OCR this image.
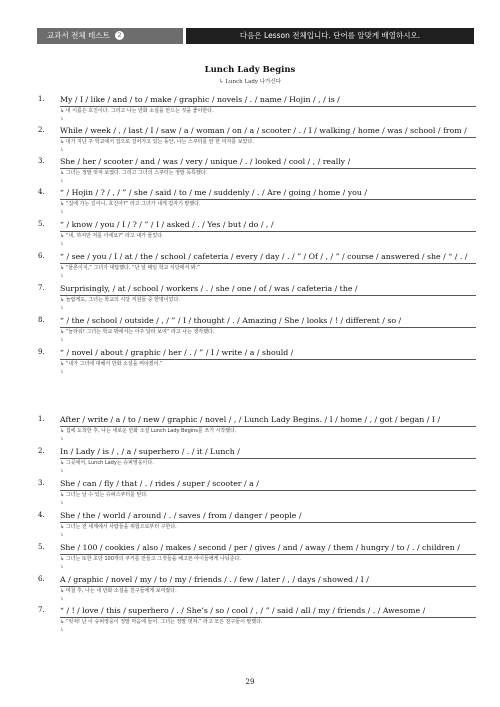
교과서 전체 테스트 2	다음은 Lesson 전체입니다. 단어를 알맞게 배열하시오.
Lunch Lady Begins
↳ Lunch Lady 나가신다
1. My / I / like / and / to / make / graphic / novels / . / name / Hojin / , / is /
↳ 내 이름은 호진이다. 그리고 나는 만화 소설을 만드는 것을 좋아한다.
↳
2. While / week / , / last / I / saw / a / woman / on / a / scooter / . / I / walking / home / was / school / from /
↳ 내가 지난 주 학교에서 집으로 걸어가고 있는 동안, 나는 스쿠터를 탄 한 여자를 보았다.
↳
3. She / her / scooter / and / was / very / unique / . / looked / cool / , / really /
↳ 그녀는 정말 멋져 보였다. 그리고 그녀의 스쿠터는 정말 독특했다.
↳
4. “ / Hojin / ? / , / ” / she / said / to / me / suddenly / . / Are / going / home / you /
↳ “집에 가는 길이니, 호진아?” 라고 그녀가 내게 갑자기 말했다.
↳
5. “ / know / you / I / ? / ” / I / asked / . / Yes / but / do / , /
↳ “네, 하지만 저를 아세요?” 라고 내가 물었다.
↳
6. “ / see / you / I / at / the / school / cafeteria / every / day / . / ” / Of / , / ” / course / answered / she / “ / . /
↳ “물론이지,” 그녀가 대답했다. “난 널 매일 학교 식당에서 봐.”
↳
7. Surprisingly, / at / school / workers / . / she / one / of / was / cafeteria / the /
↳ 놀랍게도, 그녀는 학교의 식당 직원들 중 한명이었다.
↳
8. “ / the / school / outside / , / ” / I / thought / . / Amazing / She / looks / ! / different / so /
↳ “놀라워! 그녀는 학교 밖에서는 아주 달라 보여” 라고 나는 생각했다.
↳
9. “ / novel / about / graphic / her / . / ” / I / write / a / should /
↳ “내가 그녀에 대해서 만화 소설을 써야겠어.”
↳
1. After / write / a / to / new / graphic / novel / , / Lunch Lady Begins. / I / home / , / got / began / I /
↳ 집에 도착한 후, 나는 새로운 만화 소설 Lunch Lady Begins를 쓰기 시작했다.
↳
2. In / Lady / is / , / a / superhero / . / it / Lunch /
↳ 그곳에서, Lunch Lady는 슈퍼영웅이다.
↳
3. She / can / fly / that / . / rides / super / scooter / a /
↳ 그녀는 날 수 있는 슈퍼스쿠터를 탄다.
↳
4. She / the / world / around / . / saves / from / danger / people /
↳ 그녀는 전 세계에서 사람들을 위험으로부터 구한다.
↳
5. She / 100 / cookies / also / makes / second / per / gives / and / away / them / hungry / to / . / children /
↳ 그녀는 또한 초당 100개의 쿠키를 만들고 그것들을 배고픈 아이들에게 나눠준다.
↳
6. A / graphic / novel / my / to / my / friends / . / few / later / , / days / showed / I /
↳ 며칠 후, 나는 내 만화 소설을 친구들에게 보여줬다.
↳
7. “ / ! / love / this / superhero / . / She’s / so / cool / , / ” / said / all / my / friends / . / Awesome /
↳ “멋져! 난 이 슈퍼영웅이 정말 마음에 들어. 그녀는 정말 멋져.” 라고 모든 친구들이 말했다.
↳
29
